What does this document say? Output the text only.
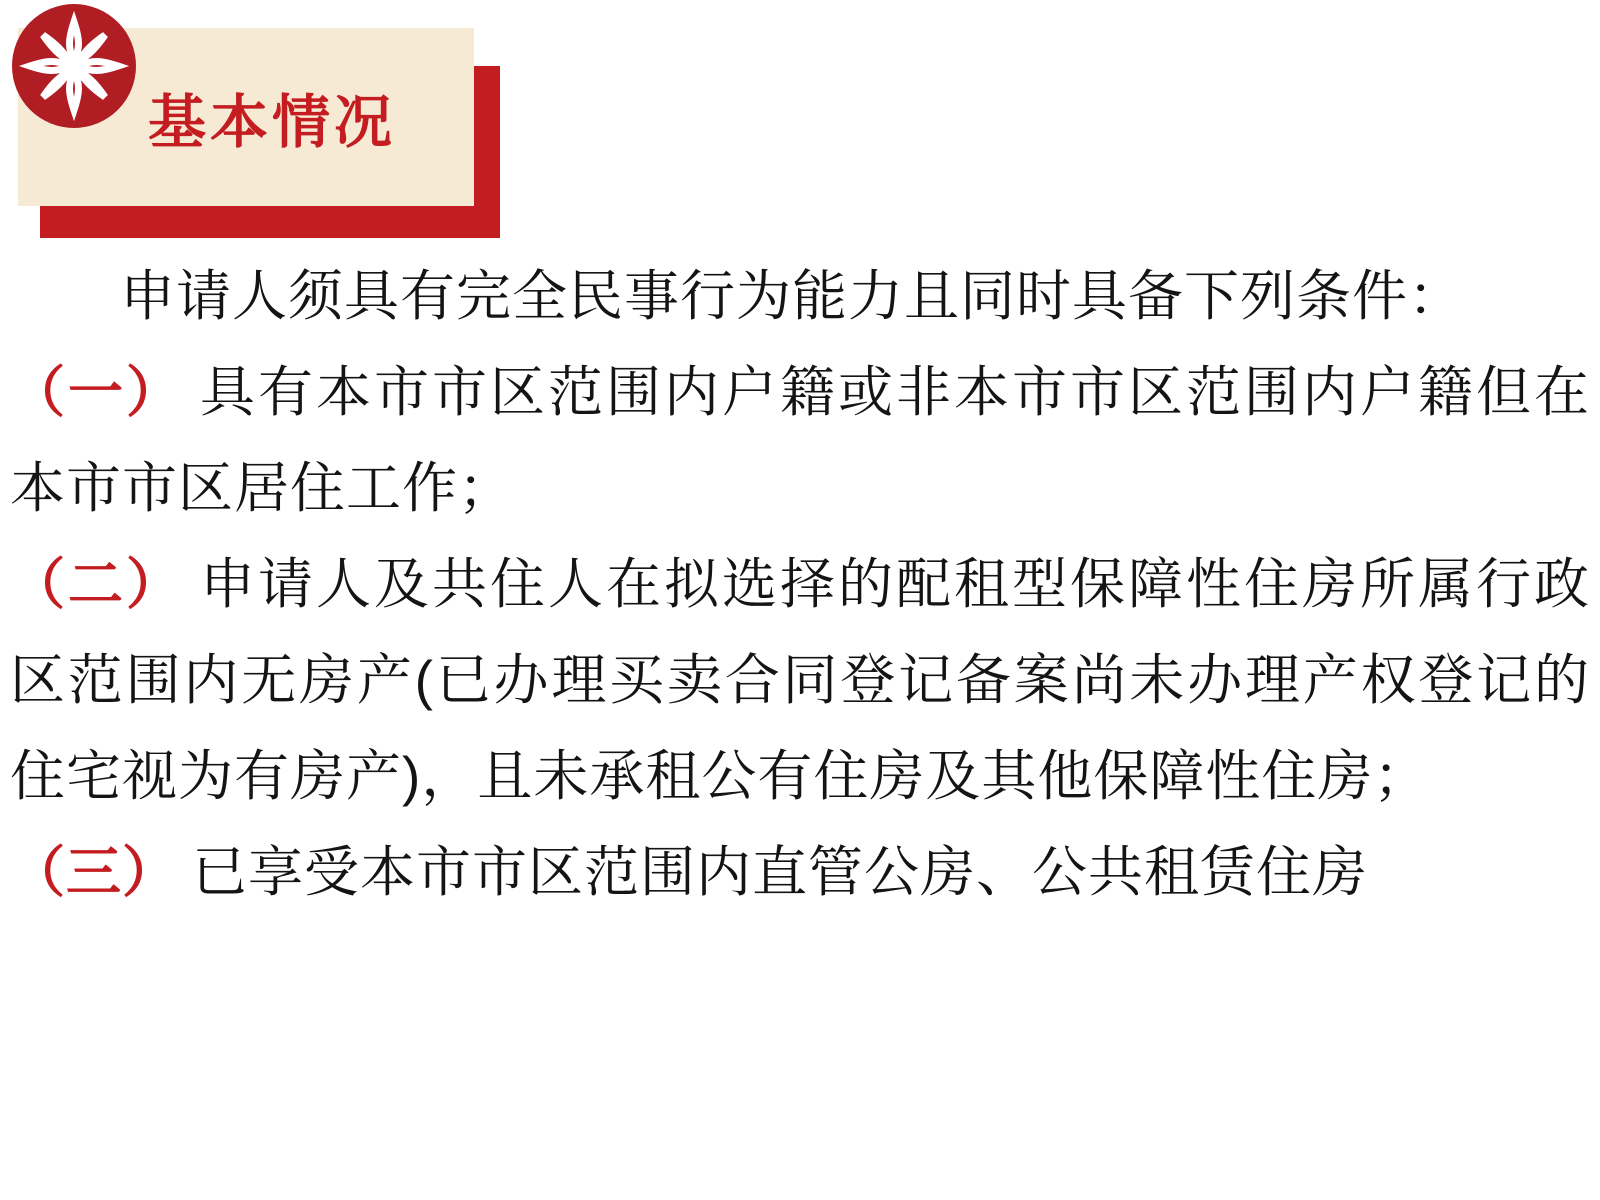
基本情况

申请人须具有完全民事行为能力且同时具备下列条件：

（一） 具有本市市区范围内户籍或非本市市区范围内户籍但在本市市区居住工作；

（二） 申请人及共住人在拟选择的配租型保障性住房所属行政区范围内无房产(已办理买卖合同登记备案尚未办理产权登记的住宅视为有房产)，且未承租公有住房及其他保障性住房；

（三） 已享受本市市区范围内直管公房、公共租赁住房
